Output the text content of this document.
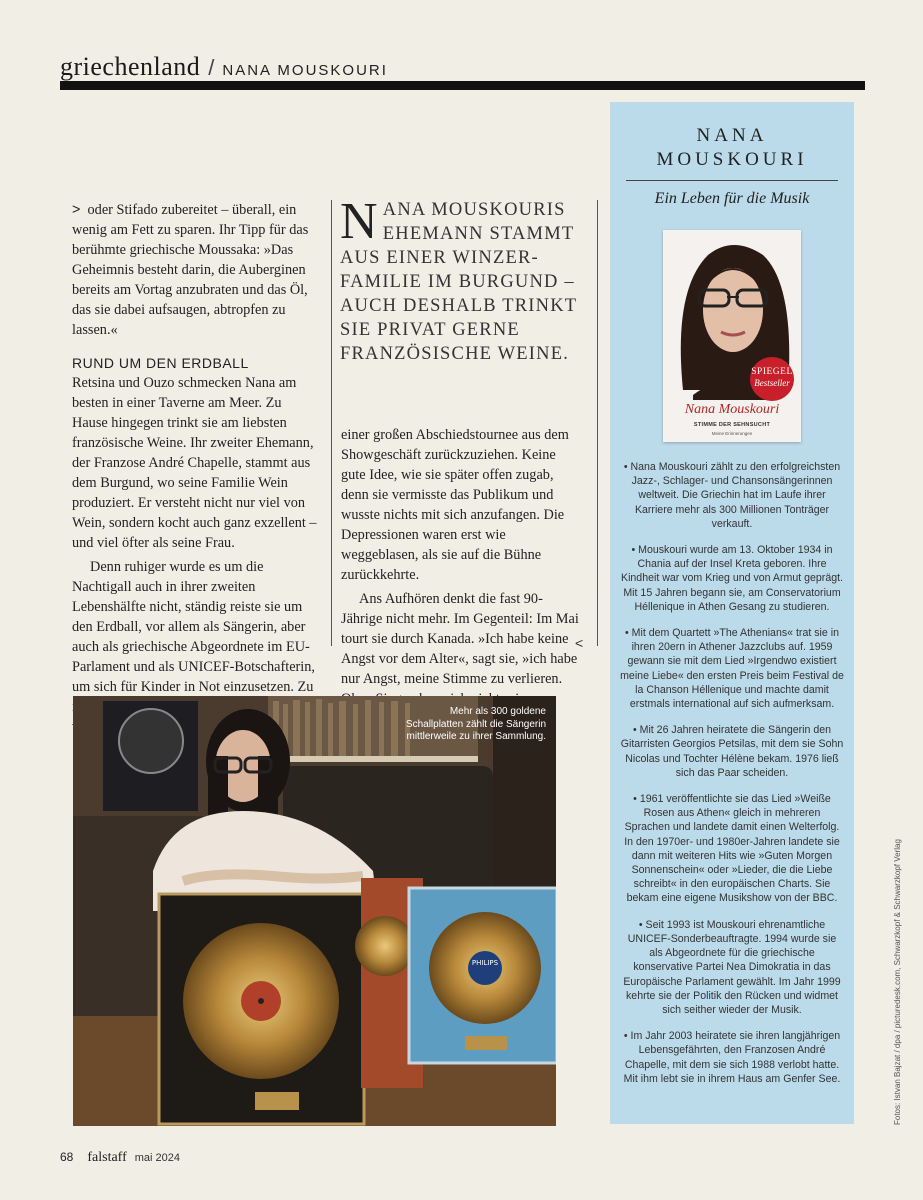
griechenland / NANA MOUSKOURI

> oder Stifado zubereitet – überall, ein wenig am Fett zu sparen. Ihr Tipp für das berühmte griechische Moussaka: »Das Geheimnis besteht darin, die Auberginen bereits am Vortag anzubraten und das Öl, das sie dabei aufsaugen, abtropfen zu lassen.«

RUND UM DEN ERDBALL

Retsina und Ouzo schmecken Nana am besten in einer Taverne am Meer. Zu Hause hingegen trinkt sie am liebsten französische Weine. Ihr zweiter Ehemann, der Franzose André Chapelle, stammt aus dem Burgund, wo seine Familie Wein produziert. Er versteht nicht nur viel von Wein, sondern kocht auch ganz exzellent – und viel öfter als seine Frau.

Denn ruhiger wurde es um die Nachtigall auch in ihrer zweiten Lebenshälfte nicht, ständig reiste sie um den Erdball, vor allem als Sängerin, aber auch als griechische Abgeordnete im EU-Parlament und als UNICEF-Botschafterin, um sich für Kinder in Not einzusetzen. Zu

N ANA MOUSKOURIS EHEMANN STAMMT AUS EINER WINZER-FAMILIE IM BURGUND – AUCH DESHALB TRINKT SIE PRIVAT GERNE FRANZÖSISCHE WEINE.

einer großen Abschiedstournee aus dem Showgeschäft zurückzuziehen. Keine gute Idee, wie sie später offen zugab, denn sie vermisste das Publikum und wusste nichts mit sich anzufangen. Die Depressionen waren erst wie weggeblasen, als sie auf die Bühne zurückkehrte.

Ans Aufhören denkt die fast 90-Jährige nicht mehr. Im Gegenteil: Im Mai tourt sie durch Kanada. »Ich habe keine Angst vor dem Alter«, sagt sie, »ich habe nur Angst, meine Stimme zu verlieren.

<
PHILIPS
Mehr als 300 goldene Schallplatten zählt die Sängerin mittlerweile zu ihrer Sammlung.
NANA
MOUSKOURI
Ein Leben für die Musik
Nana Mouskouri
STIMME DER SEHNSUCHT
Meine Erinnerungen
SPIEGEL
Bestseller
• Nana Mouskouri zählt zu den erfolgreichsten Jazz-, Schlager- und Chansonsängerinnen weltweit. Die Griechin hat im Laufe ihrer Karriere mehr als 300 Millionen Tonträger verkauft.
• Mouskouri wurde am 13. Oktober 1934 in Chania auf der Insel Kreta geboren. Ihre Kindheit war vom Krieg und von Armut geprägt. Mit 15 Jahren begann sie, am Conservatorium Héllenique in Athen Gesang zu studieren.
• Mit dem Quartett »The Athenians« trat sie in ihren 20ern in Athener Jazzclubs auf. 1959 gewann sie mit dem Lied »Irgendwo existiert meine Liebe« den ersten Preis beim Festival de la Chanson Héllenique und machte damit erstmals international auf sich aufmerksam.
• Mit 26 Jahren heiratete die Sängerin den Gitarristen Georgios Petsilas, mit dem sie Sohn Nicolas und Tochter Hélène bekam. 1976 ließ sich das Paar scheiden.
• 1961 veröffentlichte sie das Lied »Weiße Rosen aus Athen« gleich in mehreren Sprachen und landete damit einen Welterfolg. In den 1970er- und 1980er-Jahren landete sie dann mit weiteren Hits wie »Guten Morgen Sonnenschein« oder »Lieder, die die Liebe schreibt« in den europäischen Charts. Sie bekam eine eigene Musikshow von der BBC.
• Seit 1993 ist Mouskouri ehrenamtliche UNICEF-Sonderbeauftragte. 1994 wurde sie als Abgeordnete für die griechische konservative Partei Nea Dimokratia in das Europäische Parlament gewählt. Im Jahr 1999 kehrte sie der Politik den Rücken und widmet sich seither wieder der Musik.
• Im Jahr 2003 heiratete sie ihren langjährigen Lebensgefährten, den Franzosen André Chapelle, mit dem sie sich 1988 verlobt hatte. Mit ihm lebt sie in ihrem Haus am Genfer See.	Fotos: Istvan Bajzat / dpa / picturedesk.com, Schwarzkopf & Schwarzkopf Verlag
68 falstaff mai 2024
